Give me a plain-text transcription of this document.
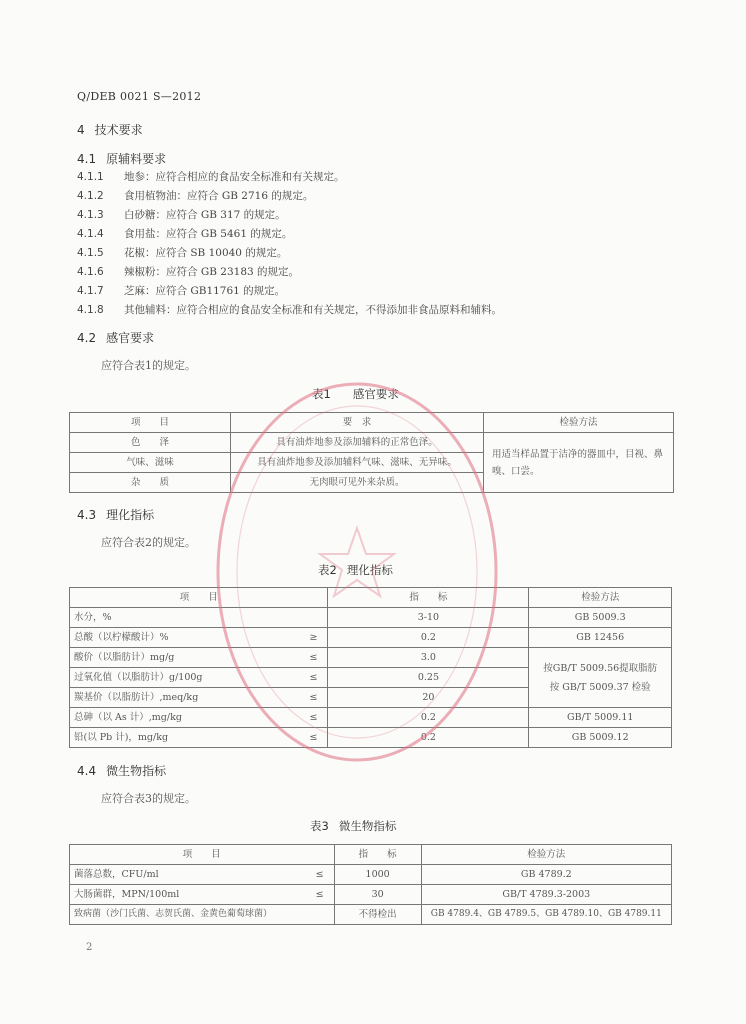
Q/DEB 0021 S—2012
4 技术要求
4.1 原辅料要求
4.1.1 地参：应符合相应的食品安全标准和有关规定。
4.1.2 食用植物油：应符合 GB 2716 的规定。
4.1.3 白砂糖：应符合 GB 317 的规定。
4.1.4 食用盐：应符合 GB 5461 的规定。
4.1.5 花椒：应符合 SB 10040 的规定。
4.1.6 辣椒粉：应符合 GB 23183 的规定。
4.1.7 芝麻：应符合 GB11761 的规定。
4.1.8 其他辅料：应符合相应的食品安全标准和有关规定，不得添加非食品原料和辅料。
4.2 感官要求
应符合表1的规定。
表1 感官要求
项　　目	要　求	检验方法
色　　泽	具有油炸地参及添加辅料的正常色泽。	用适当样品置于洁净的器皿中，目视、鼻嗅、口尝。
气味、滋味	具有油炸地参及添加辅料气味、滋味、无异味。	
杂　　质	无肉眼可见外来杂质。	
4.3 理化指标
应符合表2的规定。
表2 理化指标
项　　目		指　　标	检验方法
水分，%		3-10	GB 5009.3
总酸（以柠檬酸计）%	≥	0.2	GB 12456
酸价（以脂肪计）mg/g	≤	3.0	按GB/T 5009.56提取脂肪
按 GB/T 5009.37 检验

过氧化值（以脂肪计）g/100g	≤	0.25	
羰基价（以脂肪计）,meq/kg	≤	20	
总砷（以 As 计）,mg/kg	≤	0.2	GB/T 5009.11
铅(以 Pb 计)，mg/kg	≤	0.2	GB 5009.12
4.4 微生物指标
应符合表3的规定。
表3 微生物指标
项　　目		指　　标	检验方法
菌落总数，CFU/ml	≤	1000	GB 4789.2
大肠菌群，MPN/100ml	≤	30	GB/T 4789.3-2003
致病菌（沙门氏菌、志贺氏菌、金黄色葡萄球菌）		不得检出	GB 4789.4、GB 4789.5、GB 4789.10、GB 4789.11
2
